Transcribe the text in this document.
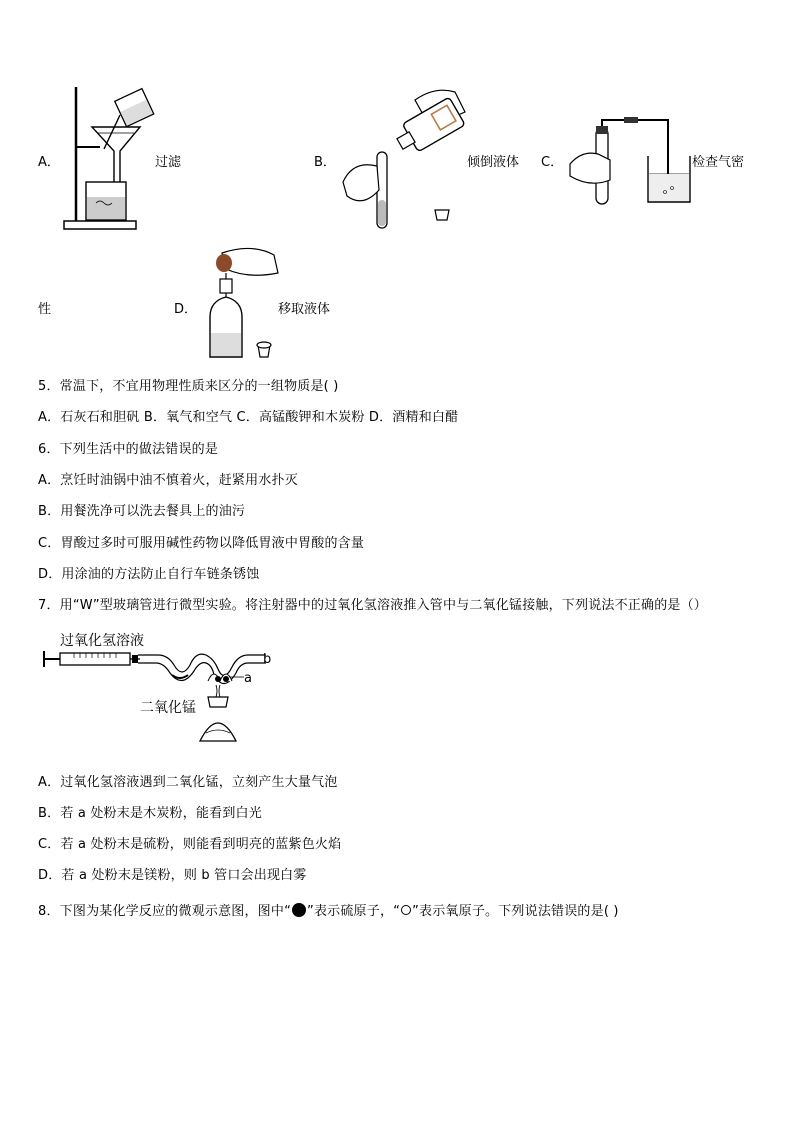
A．	过滤	B．	倾倒液体 C．	检查气密
性	D．	移取液体
5．常温下，不宜用物理性质来区分的一组物质是( )
A．石灰石和胆矾 B．氧气和空气 C．高锰酸钾和木炭粉 D．酒精和白醋
6．下列生活中的做法错误的是
A．烹饪时油锅中油不慎着火，赶紧用水扑灭
B．用餐洗净可以洗去餐具上的油污
C．胃酸过多时可服用碱性药物以降低胃液中胃酸的含量
D．用涂油的方法防止自行车链条锈蚀
7．用“W”型玻璃管进行微型实验。将注射器中的过氧化氢溶液推入管中与二氧化锰接触，下列说法不正确的是（）
过氧化氢溶液
二氧化锰
a
b
A．过氧化氢溶液遇到二氧化锰，立刻产生大量气泡
B．若 a 处粉末是木炭粉，能看到白光
C．若 a 处粉末是硫粉，则能看到明亮的蓝紫色火焰
D．若 a 处粉末是镁粉，则 b 管口会出现白雾
8．下图为某化学反应的微观示意图，图中“ ”表示硫原子，“ ”表示氧原子。下列说法错误的是( )
